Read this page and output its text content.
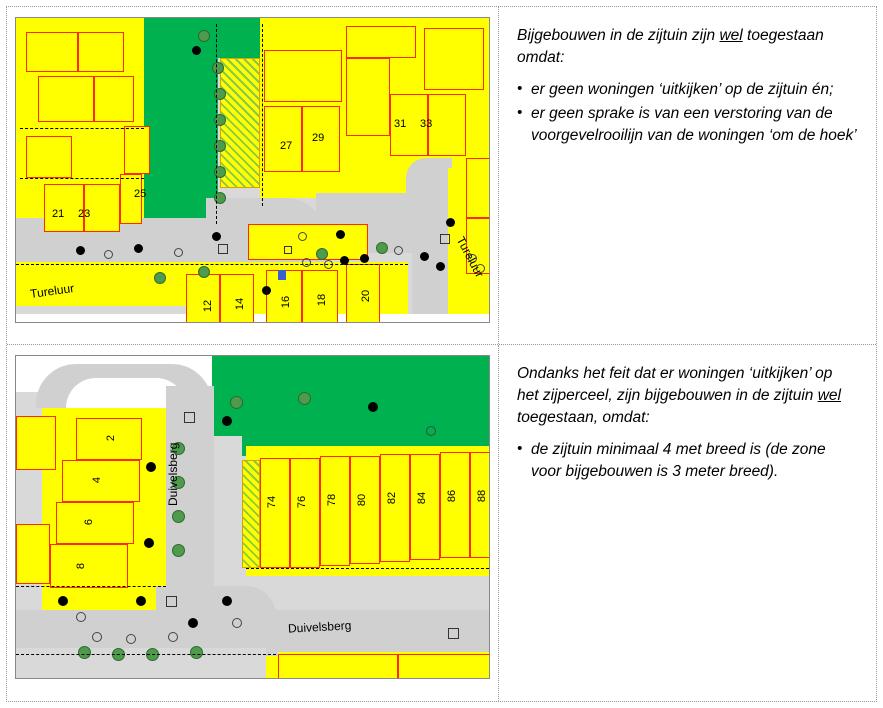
Tureluur
Tureluur
21 23
25
27
29
31 33
12 14	16 18	20

Bijgebouwen in de zijtuin zijn wel toegestaan omdat:

• er geen woningen ‘uitkijken’ op de zijtuin én;
• er geen sprake is van een verstoring van de voorgevelrooilijn van de woningen ‘om de hoek’
Duivelsberg
Duivelsberg
2
4
6
8
74 76 78 80 82 84 86 88

Ondanks het feit dat er woningen ‘uitkijken’ op het zijperceel, zijn bijgebouwen in de zijtuin wel toegestaan, omdat:

• de zijtuin minimaal 4 met breed is (de zone voor bijgebouwen is 3 meter breed).
